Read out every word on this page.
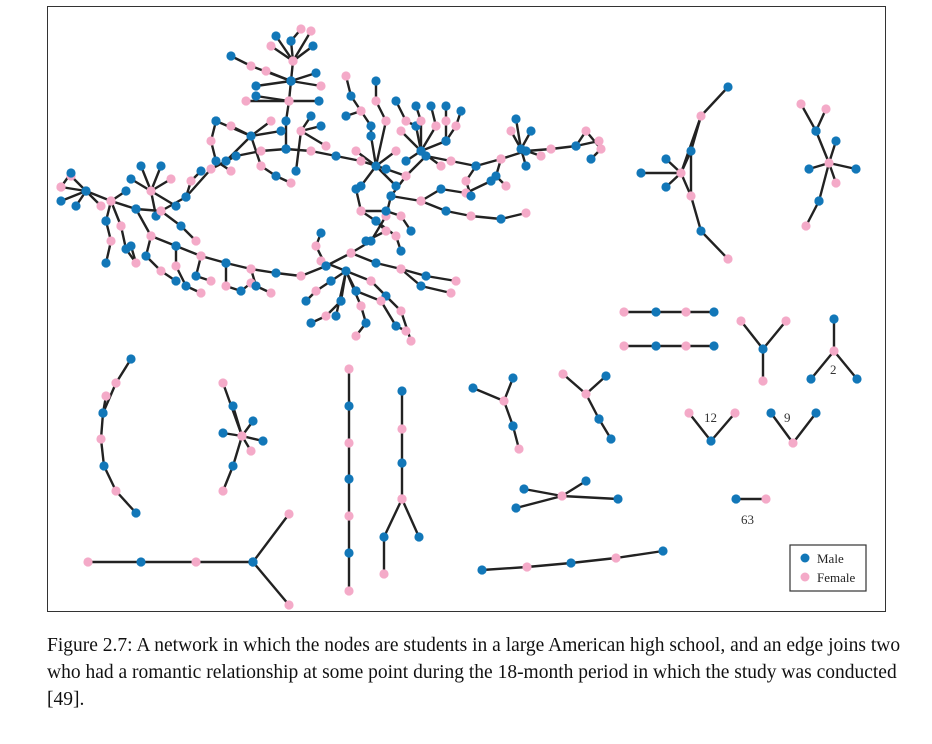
12	9
2
63
Male
Female

Figure 2.7: A network in which the nodes are students in a large American high school, and an edge joins two who had a romantic relationship at some point during the 18-month period in which the study was conducted [49].
